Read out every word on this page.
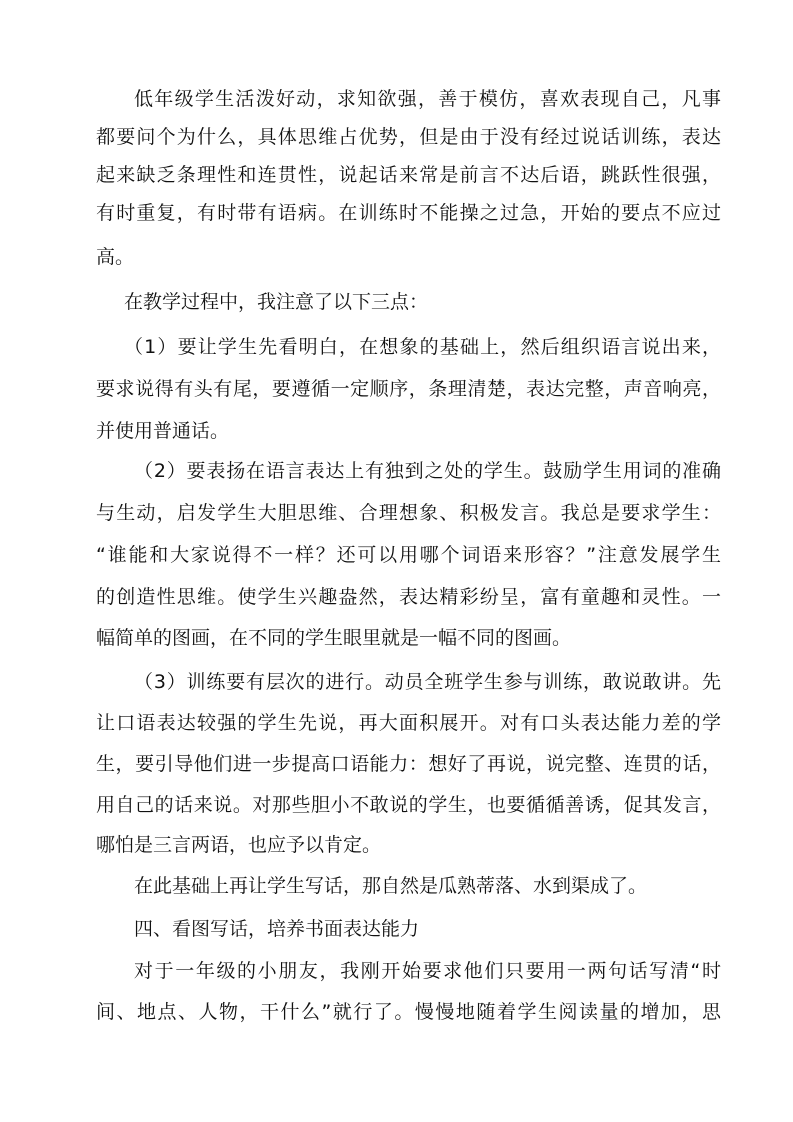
低年级学生活泼好动，求知欲强，善于模仿，喜欢表现自己，凡事
都要问个为什么，具体思维占优势，但是由于没有经过说话训练，表达
起来缺乏条理性和连贯性，说起话来常是前言不达后语，跳跃性很强，
有时重复，有时带有语病。在训练时不能操之过急，开始的要点不应过
高。
在教学过程中，我注意了以下三点：
（1）要让学生先看明白，在想象的基础上，然后组织语言说出来，
要求说得有头有尾，要遵循一定顺序，条理清楚，表达完整，声音响亮，
并使用普通话。
（2）要表扬在语言表达上有独到之处的学生。鼓励学生用词的准确
与生动，启发学生大胆思维、合理想象、积极发言。我总是要求学生：
“谁能和大家说得不一样？还可以用哪个词语来形容？”注意发展学生
的创造性思维。使学生兴趣盎然，表达精彩纷呈，富有童趣和灵性。一
幅简单的图画，在不同的学生眼里就是一幅不同的图画。
（3）训练要有层次的进行。动员全班学生参与训练，敢说敢讲。先
让口语表达较强的学生先说，再大面积展开。对有口头表达能力差的学
生，要引导他们进一步提高口语能力：想好了再说，说完整、连贯的话，
用自己的话来说。对那些胆小不敢说的学生，也要循循善诱，促其发言，
哪怕是三言两语，也应予以肯定。
在此基础上再让学生写话，那自然是瓜熟蒂落、水到渠成了。
四、看图写话，培养书面表达能力
对于一年级的小朋友，我刚开始要求他们只要用一两句话写清“时
间、地点、人物，干什么”就行了。慢慢地随着学生阅读量的增加，思
